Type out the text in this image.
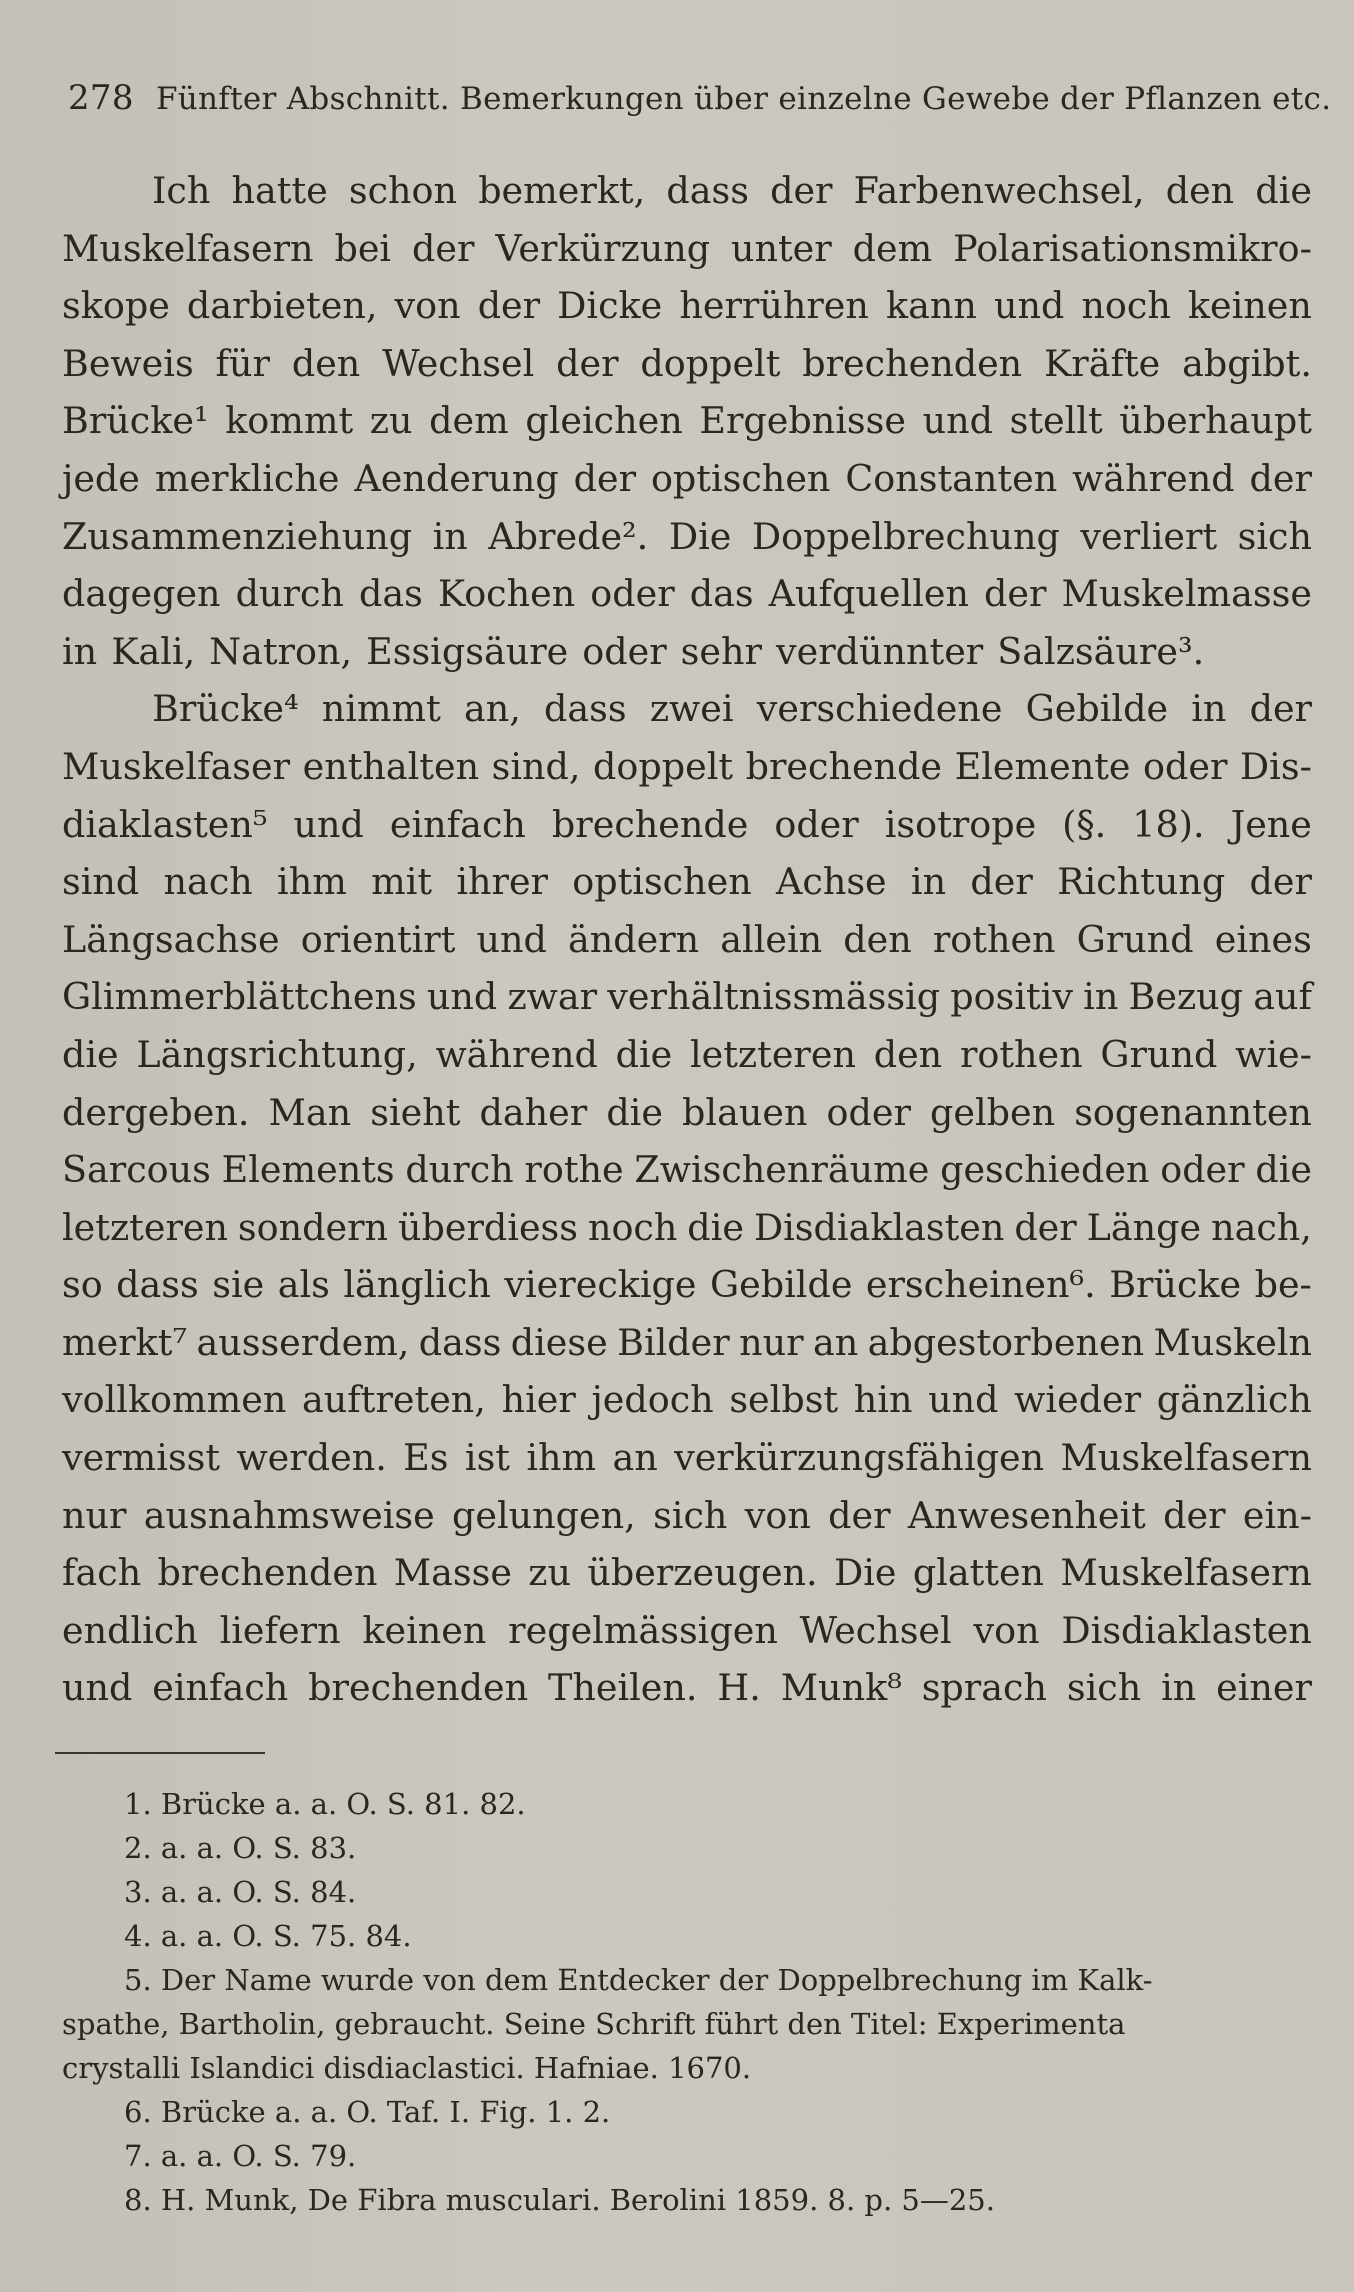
278 Fünfter Abschnitt. Bemerkungen über einzelne Gewebe der Pflanzen etc.
Ich hatte schon bemerkt, dass der Farbenwechsel, den die
Muskelfasern bei der Verkürzung unter dem Polarisationsmikro-
skope darbieten, von der Dicke herrühren kann und noch keinen
Beweis für den Wechsel der doppelt brechenden Kräfte abgibt.
Brücke¹ kommt zu dem gleichen Ergebnisse und stellt überhaupt
jede merkliche Aenderung der optischen Constanten während der
Zusammenziehung in Abrede². Die Doppelbrechung verliert sich
dagegen durch das Kochen oder das Aufquellen der Muskelmasse
in Kali, Natron, Essigsäure oder sehr verdünnter Salzsäure³.
Brücke⁴ nimmt an, dass zwei verschiedene Gebilde in der
Muskelfaser enthalten sind, doppelt brechende Elemente oder Dis-
diaklasten⁵ und einfach brechende oder isotrope (§. 18). Jene
sind nach ihm mit ihrer optischen Achse in der Richtung der
Längsachse orientirt und ändern allein den rothen Grund eines
Glimmerblättchens und zwar verhältnissmässig positiv in Bezug auf
die Längsrichtung, während die letzteren den rothen Grund wie-
dergeben. Man sieht daher die blauen oder gelben sogenannten
Sarcous Elements durch rothe Zwischenräume geschieden oder die
letzteren sondern überdiess noch die Disdiaklasten der Länge nach,
so dass sie als länglich viereckige Gebilde erscheinen⁶. Brücke be-
merkt⁷ ausserdem, dass diese Bilder nur an abgestorbenen Muskeln
vollkommen auftreten, hier jedoch selbst hin und wieder gänzlich
vermisst werden. Es ist ihm an verkürzungsfähigen Muskelfasern
nur ausnahmsweise gelungen, sich von der Anwesenheit der ein-
fach brechenden Masse zu überzeugen. Die glatten Muskelfasern
endlich liefern keinen regelmässigen Wechsel von Disdiaklasten
und einfach brechenden Theilen. H. Munk⁸ sprach sich in einer
1. Brücke a. a. O. S. 81. 82.
2. a. a. O. S. 83.
3. a. a. O. S. 84.
4. a. a. O. S. 75. 84.
5. Der Name wurde von dem Entdecker der Doppelbrechung im Kalk-
spathe, Bartholin, gebraucht. Seine Schrift führt den Titel: Experimenta
crystalli Islandici disdiaclastici. Hafniae. 1670.
6. Brücke a. a. O. Taf. I. Fig. 1. 2.
7. a. a. O. S. 79.
8. H. Munk, De Fibra musculari. Berolini 1859. 8. p. 5—25.
